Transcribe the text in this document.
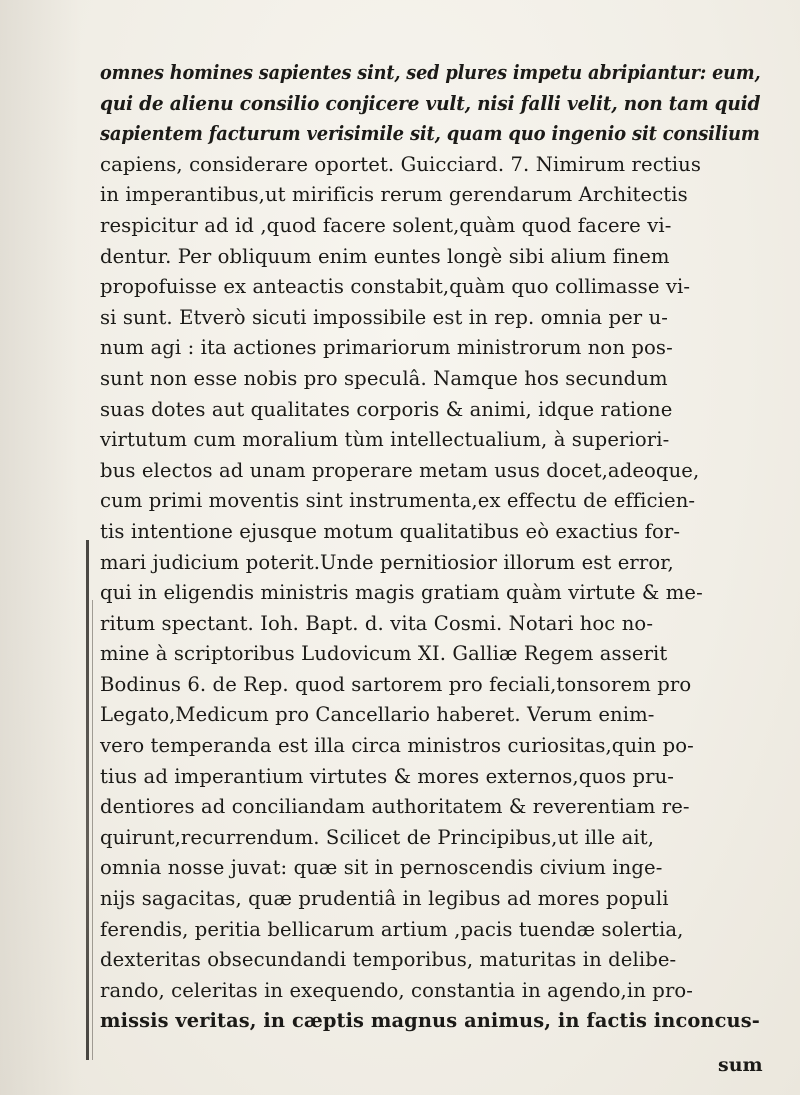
omnes homines sapientes sint, sed plures impetu abripiantur: eum,
qui de alienu consilio conjicere vult, nisi falli velit, non tam quid
sapientem facturum verisimile sit, quam quo ingenio sit consilium
capiens, considerare oportet. Guicciard. 7. Nimirum rectius
in imperantibus,ut mirificis rerum gerendarum Architectis
respicitur ad id ,quod facere solent,quàm quod facere vi-
dentur. Per obliquum enim euntes longè sibi alium finem
propofuisse ex anteactis constabit,quàm quo collimasse vi-
si sunt. Etverò sicuti impossibile est in rep. omnia per u-
num agi : ita actiones primariorum ministrorum non pos-
sunt non esse nobis pro speculâ. Namque hos secundum
suas dotes aut qualitates corporis & animi, idque ratione
virtutum cum moralium tùm intellectualium, à superiori-
bus electos ad unam properare metam usus docet,adeoque,
cum primi moventis sint instrumenta,ex effectu de efficien-
tis intentione ejusque motum qualitatibus eò exactius for-
mari judicium poterit.Unde pernitiosior illorum est error,
qui in eligendis ministris magis gratiam quàm virtute & me-
ritum spectant. Ioh. Bapt. d. vita Cosmi. Notari hoc no-
mine à scriptoribus Ludovicum XI. Galliæ Regem asserit
Bodinus 6. de Rep. quod sartorem pro feciali,tonsorem pro
Legato,Medicum pro Cancellario haberet. Verum enim-
vero temperanda est illa circa ministros curiositas,quin po-
tius ad imperantium virtutes & mores externos,quos pru-
dentiores ad conciliandam authoritatem & reverentiam re-
quirunt,recurrendum. Scilicet de Principibus,ut ille ait,
omnia nosse juvat: quæ sit in pernoscendis civium inge-
nijs sagacitas, quæ prudentiâ in legibus ad mores populi
ferendis, peritia bellicarum artium ,pacis tuendæ solertia,
dexteritas obsecundandi temporibus, maturitas in delibe-
rando, celeritas in exequendo, constantia in agendo,in pro-
missis veritas, in cæptis magnus animus, in factis inconcus-
sum
